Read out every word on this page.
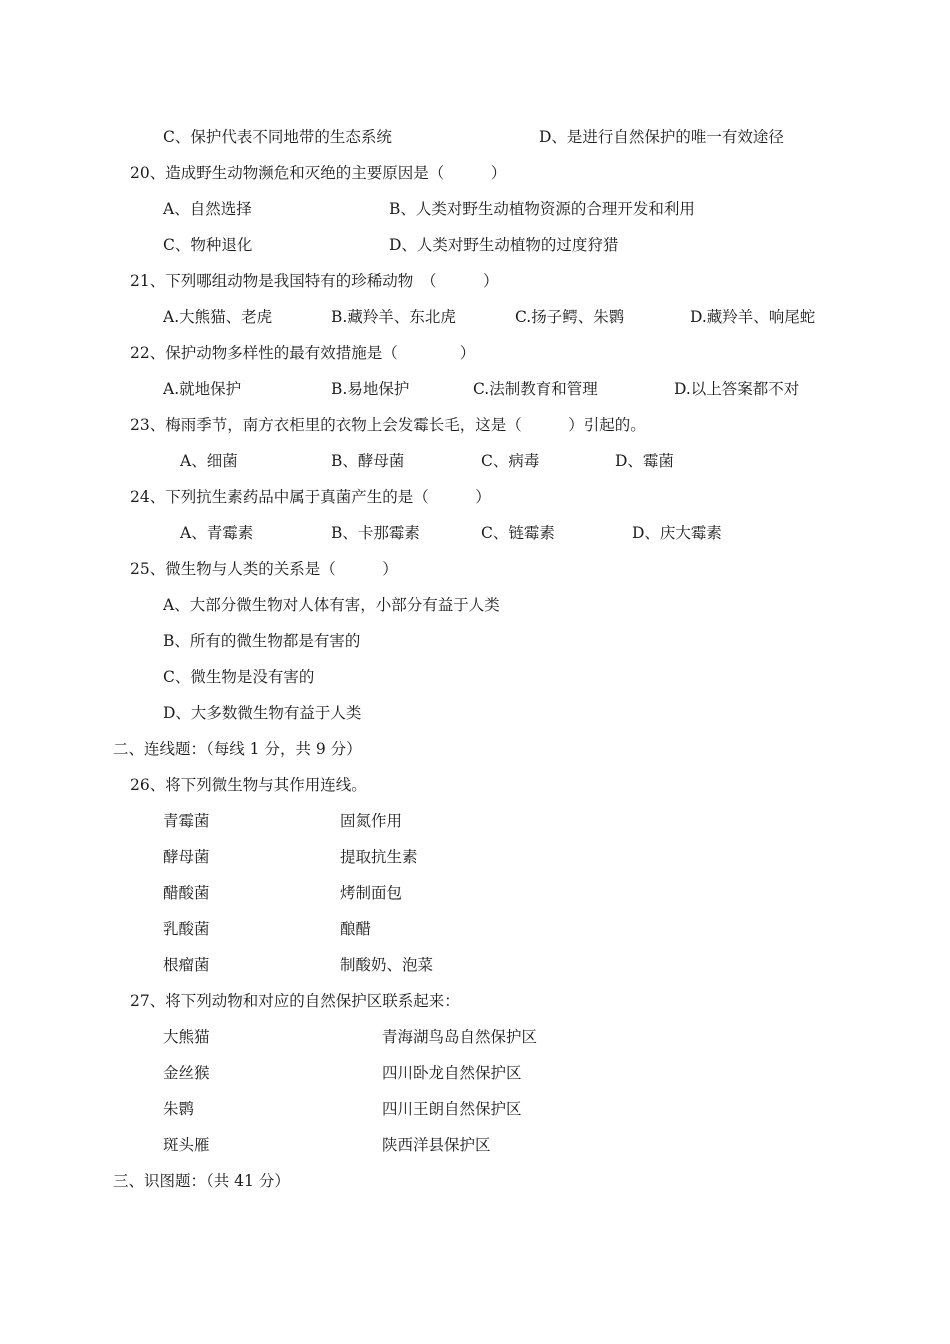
C、保护代表不同地带的生态系统	D、是进行自然保护的唯一有效途径
20、造成野生动物濒危和灭绝的主要原因是（　　　）
A、自然选择	B、人类对野生动植物资源的合理开发和利用
C、物种退化	D、人类对野生动植物的过度狩猎
21、下列哪组动物是我国特有的珍稀动物　（　　　）
A.大熊猫、老虎	B.藏羚羊、东北虎	C.扬子鳄、朱鹮	D.藏羚羊、响尾蛇
22、保护动物多样性的最有效措施是（　　　　）
A.就地保护	B.易地保护	C.法制教育和管理	D.以上答案都不对
23、梅雨季节，南方衣柜里的衣物上会发霉长毛，这是（　　　）引起的。
A、细菌	B、酵母菌	C、病毒	D、霉菌
24、下列抗生素药品中属于真菌产生的是（　　　）
A、青霉素	B、卡那霉素	C、链霉素	D、庆大霉素
25、微生物与人类的关系是（　　　）
A、大部分微生物对人体有害，小部分有益于人类
B、所有的微生物都是有害的
C、微生物是没有害的
D、大多数微生物有益于人类
二、连线题：（每线 1 分，共 9 分）
26、将下列微生物与其作用连线。
青霉菌	固氮作用
酵母菌	提取抗生素
醋酸菌	烤制面包
乳酸菌	酿醋
根瘤菌	制酸奶、泡菜
27、将下列动物和对应的自然保护区联系起来：
大熊猫	青海湖鸟岛自然保护区
金丝猴	四川卧龙自然保护区
朱鹮	四川王朗自然保护区
斑头雁	陕西洋县保护区
三、识图题：（共 41 分）
